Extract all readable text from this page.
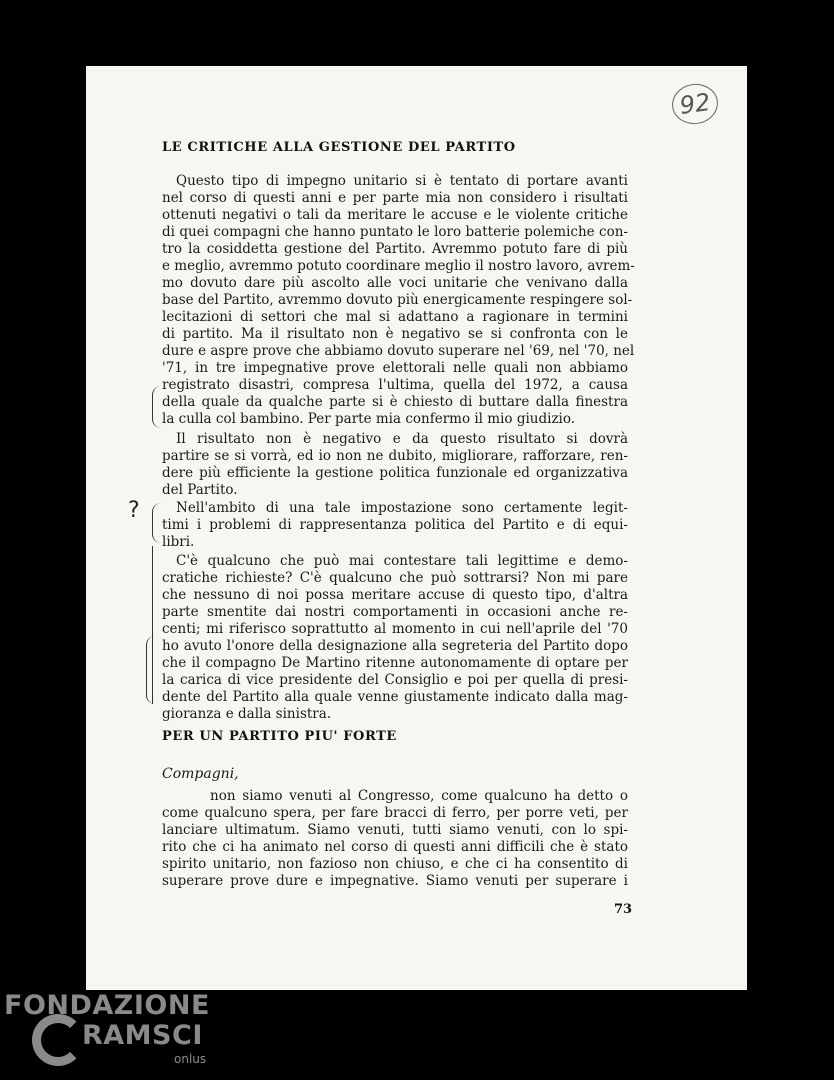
92
LE CRITICHE ALLA GESTIONE DEL PARTITO
Questo tipo di impegno unitario si è tentato di portare avanti
nel corso di questi anni e per parte mia non considero i risultati
ottenuti negativi o tali da meritare le accuse e le violente critiche
di quei compagni che hanno puntato le loro batterie polemiche con-
tro la cosiddetta gestione del Partito. Avremmo potuto fare di più
e meglio, avremmo potuto coordinare meglio il nostro lavoro, avrem-
mo dovuto dare più ascolto alle voci unitarie che venivano dalla
base del Partito, avremmo dovuto più energicamente respingere sol-
lecitazioni di settori che mal si adattano a ragionare in termini
di partito. Ma il risultato non è negativo se si confronta con le
dure e aspre prove che abbiamo dovuto superare nel '69, nel '70, nel
'71, in tre impegnative prove elettorali nelle quali non abbiamo
registrato disastri, compresa l'ultima, quella del 1972, a causa
della quale da qualche parte si è chiesto di buttare dalla finestra
la culla col bambino. Per parte mia confermo il mio giudizio.
Il risultato non è negativo e da questo risultato si dovrà
partire se si vorrà, ed io non ne dubito, migliorare, rafforzare, ren-
dere più efficiente la gestione politica funzionale ed organizzativa
del Partito.
Nell'ambito di una tale impostazione sono certamente legit-
timi i problemi di rappresentanza politica del Partito e di equi-
libri.
C'è qualcuno che può mai contestare tali legittime e demo-
cratiche richieste? C'è qualcuno che può sottrarsi? Non mi pare
che nessuno di noi possa meritare accuse di questo tipo, d'altra
parte smentite dai nostri comportamenti in occasioni anche re-
centi; mi riferisco soprattutto al momento in cui nell'aprile del '70
ho avuto l'onore della designazione alla segreteria del Partito dopo
che il compagno De Martino ritenne autonomamente di optare per
la carica di vice presidente del Consiglio e poi per quella di presi-
dente del Partito alla quale venne giustamente indicato dalla mag-
gioranza e dalla sinistra.
?
PER UN PARTITO PIU' FORTE
Compagni,
non siamo venuti al Congresso, come qualcuno ha detto o
come qualcuno spera, per fare bracci di ferro, per porre veti, per
lanciare ultimatum. Siamo venuti, tutti siamo venuti, con lo spi-
rito che ci ha animato nel corso di questi anni difficili che è stato
spirito unitario, non fazioso non chiuso, e che ci ha consentito di
superare prove dure e impegnative. Siamo venuti per superare i
73
FONDAZIONE
RAMSCI
onlus
